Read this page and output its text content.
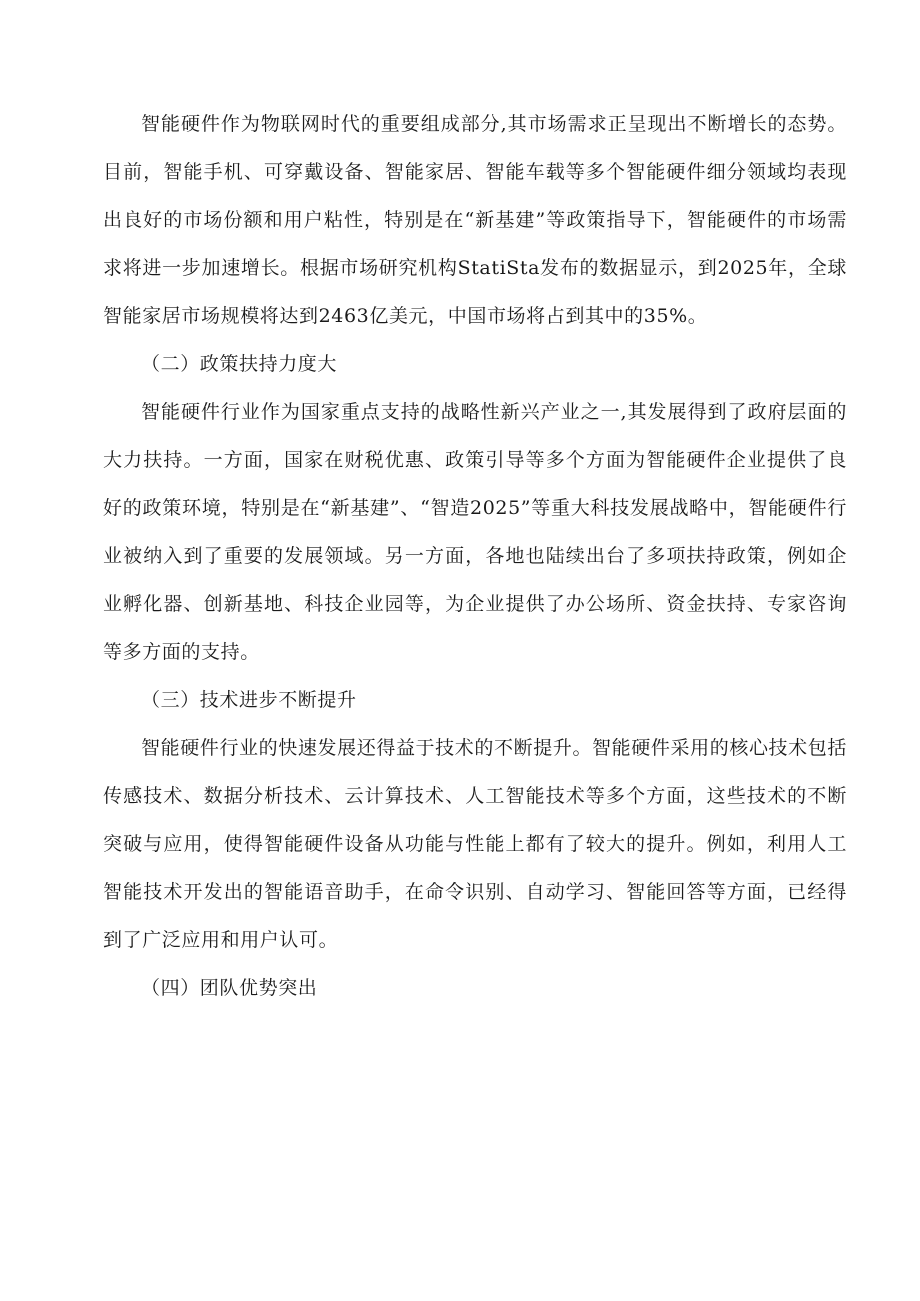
智能硬件作为物联网时代的重要组成部分,其市场需求正呈现出不断增长的态势。目前，智能手机、可穿戴设备、智能家居、智能车载等多个智能硬件细分领域均表现出良好的市场份额和用户粘性，特别是在“新基建”等政策指导下，智能硬件的市场需求将进一步加速增长。根据市场研究机构StatiSta发布的数据显示，到2025年，全球智能家居市场规模将达到2463亿美元，中国市场将占到其中的35%。

（二）政策扶持力度大

智能硬件行业作为国家重点支持的战略性新兴产业之一,其发展得到了政府层面的大力扶持。一方面，国家在财税优惠、政策引导等多个方面为智能硬件企业提供了良好的政策环境，特别是在“新基建”、“智造2025”等重大科技发展战略中，智能硬件行业被纳入到了重要的发展领域。另一方面，各地也陆续出台了多项扶持政策，例如企业孵化器、创新基地、科技企业园等，为企业提供了办公场所、资金扶持、专家咨询等多方面的支持。

（三）技术进步不断提升

智能硬件行业的快速发展还得益于技术的不断提升。智能硬件采用的核心技术包括传感技术、数据分析技术、云计算技术、人工智能技术等多个方面，这些技术的不断突破与应用，使得智能硬件设备从功能与性能上都有了较大的提升。例如，利用人工智能技术开发出的智能语音助手，在命令识别、自动学习、智能回答等方面，已经得到了广泛应用和用户认可。

（四）团队优势突出
